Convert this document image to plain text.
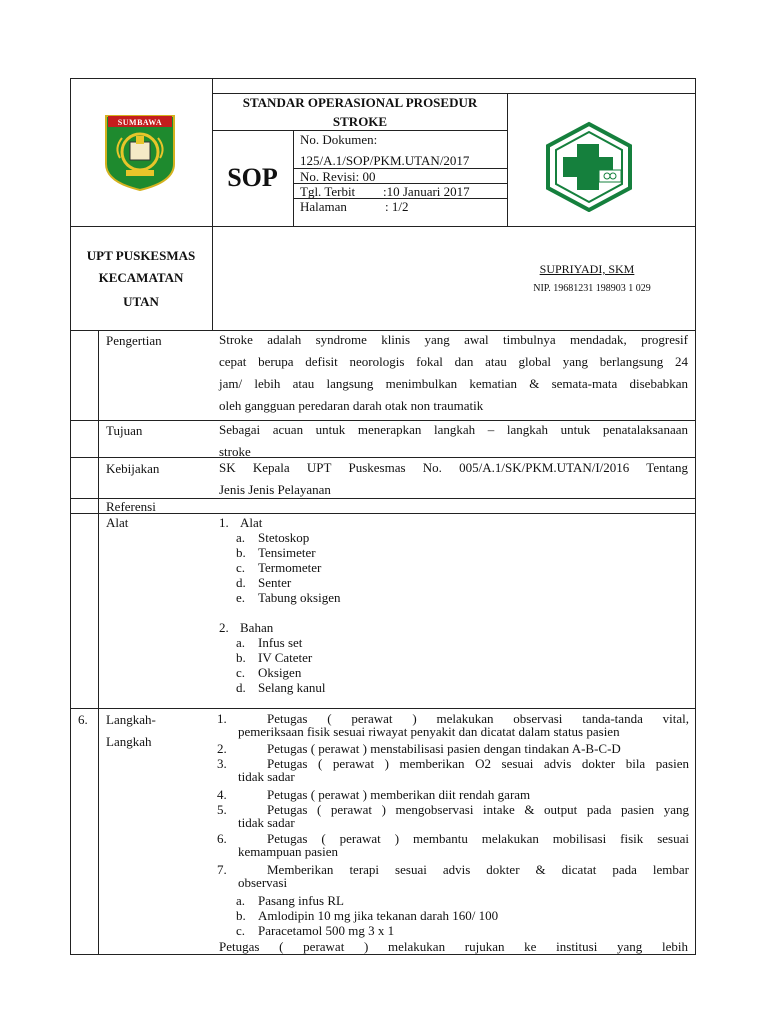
SUMBAWA
STANDAR OPERASIONAL PROSEDUR
STROKE
SOP
No. Dokumen:
125/A.1/SOP/PKM.UTAN/2017
No. Revisi: 00
Tgl. Terbit :10 Januari 2017
Halaman	: 1/2
UPT PUSKESMAS
KECAMATAN
UTAN
SUPRIYADI, SKM
NIP. 19681231 198903 1 029
Pengertian	Stroke adalah syndrome klinis yang awal timbulnya mendadak, progresif
cepat berupa defisit neorologis fokal dan atau global yang berlangsung 24
jam/ lebih atau langsung menimbulkan kematian & semata-mata disebabkan
oleh gangguan peredaran darah otak non traumatik
Tujuan	Sebagai acuan untuk menerapkan langkah – langkah untuk penatalaksanaan
stroke
Kebijakan	SK Kepala UPT Puskesmas No. 005/A.1/SK/PKM.UTAN/I/2016 Tentang
Jenis Jenis Pelayanan
Referensi
Alat	1. Alat
a. Stetoskop
b. Tensimeter
c. Termometer
d. Senter
e. Tabung oksigen
2. Bahan
a. Infus set
b. IV Cateter
c. Oksigen
d. Selang kanul
6. Langkah-
Langkah
1.	Petugas ( perawat ) melakukan observasi tanda-tanda vital,
pemeriksaan fisik sesuai riwayat penyakit dan dicatat dalam status pasien
2.	Petugas ( perawat ) menstabilisasi pasien dengan tindakan A-B-C-D
3.	Petugas ( perawat ) memberikan O2 sesuai advis dokter bila pasien
tidak sadar
4.	Petugas ( perawat ) memberikan diit rendah garam
5.	Petugas ( perawat ) mengobservasi intake & output pada pasien yang
tidak sadar
6.	Petugas ( perawat ) membantu melakukan mobilisasi fisik sesuai
kemampuan pasien
7.	Memberikan terapi sesuai advis dokter & dicatat pada lembar
observasi
a. Pasang infus RL
b. Amlodipin 10 mg jika tekanan darah 160/ 100
c. Paracetamol 500 mg 3 x 1
Petugas ( perawat ) melakukan rujukan ke institusi yang lebih
